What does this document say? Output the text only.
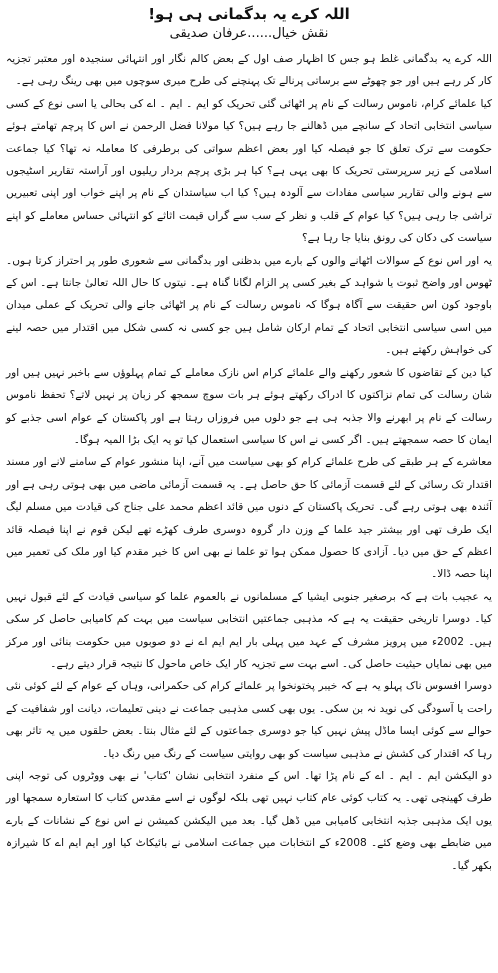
اللہ کرے یہ بدگمانی ہی ہو!

نقش خیال......عرفان صدیقی

اللہ کرے یہ بدگمانی غلط ہو جس کا اظہار صف اول کے بعض کالم نگار اور انتہائی سنجیدہ اور معتبر تجزیہ کار کر رہے ہیں اور جو چھوٹے سے برساتی پرنالے تک پہنچنے کی طرح میری سوچوں میں بھی رینگ رہی ہے۔

کیا علمائے کرام، ناموس رسالت کے نام پر اٹھائی گئی تحریک کو ایم ۔ ایم ۔ اے کی بحالی یا اسی نوع کے کسی سیاسی انتخابی اتحاد کے سانچے میں ڈھالنے جا رہے ہیں؟ کیا مولانا فضل الرحمن نے اس کا پرچم تھامتے ہوئے حکومت سے ترک تعلق کا جو فیصلہ کیا اور بعض اعظم سواتی کی برطرفی کا معاملہ نہ تھا؟ کیا جماعت اسلامی کے زیر سرپرستی تحریک کا بھی یہی ہے؟ کیا ہر بڑی پرچم بردار ریلیوں اور آراستہ تقاریر اسٹیجوں سے ہونے والی تقاریر سیاسی مفادات سے آلودہ ہیں؟ کیا اب سیاستدان کے نام پر اپنے خواب اور اپنی تعبیریں تراشی جا رہی ہیں؟ کیا عوام کے قلب و نظر کے سب سے گراں قیمت اثاثے کو انتہائی حساس معاملے کو اپنے سیاست کی دکان کی رونق بنایا جا رہا ہے؟

یہ اور اس نوع کے سوالات اٹھانے والوں کے بارے میں بدظنی اور بدگمانی سے شعوری طور پر احتراز کرتا ہوں۔ ٹھوس اور واضح ثبوت یا شواہد کے بغیر کسی پر الزام لگانا گناہ ہے۔ نیتوں کا حال اللہ تعالیٰ جانتا ہے۔ اس کے باوجود کون اس حقیقت سے آگاہ ہوگا کہ ناموس رسالت کے نام پر اٹھائی جانے والی تحریک کے عملی میدان میں اسی سیاسی انتخابی اتحاد کے تمام ارکان شامل ہیں جو کسی نہ کسی شکل میں اقتدار میں حصہ لینے کی خواہش رکھتے ہیں۔

کیا دین کے تقاضوں کا شعور رکھنے والے علمائے کرام اس نازک معاملے کے تمام پہلوؤں سے باخبر نہیں ہیں اور شان رسالت کی تمام نزاکتوں کا ادراک رکھتے ہوئے ہر بات سوچ سمجھ کر زبان پر نہیں لاتے؟ تحفظ ناموس رسالت کے نام پر ابھرنے والا جذبہ ہی ہے جو دلوں میں فروزاں رہتا ہے اور پاکستان کے عوام اسی جذبے کو ایمان کا حصہ سمجھتے ہیں۔ اگر کسی نے اس کا سیاسی استعمال کیا تو یہ ایک بڑا المیہ ہوگا۔

معاشرے کے ہر طبقے کی طرح علمائے کرام کو بھی سیاست میں آنے، اپنا منشور عوام کے سامنے لانے اور مسند اقتدار تک رسائی کے لئے قسمت آزمائی کا حق حاصل ہے۔ یہ قسمت آزمائی ماضی میں بھی ہوتی رہی ہے اور آئندہ بھی ہوتی رہے گی۔ تحریک پاکستان کے دنوں میں قائد اعظم محمد علی جناح کی قیادت میں مسلم لیگ ایک طرف تھی اور بیشتر جید علما کے وزن دار گروہ دوسری طرف کھڑے تھے لیکن قوم نے اپنا فیصلہ قائد اعظم کے حق میں دیا۔ آزادی کا حصول ممکن ہوا تو علما نے بھی اس کا خیر مقدم کیا اور ملک کی تعمیر میں اپنا حصہ ڈالا۔

یہ عجیب بات ہے کہ برصغیر جنوبی ایشیا کے مسلمانوں نے بالعموم علما کو سیاسی قیادت کے لئے قبول نہیں کیا۔ دوسرا تاریخی حقیقت یہ ہے کہ مذہبی جماعتیں انتخابی سیاست میں بہت کم کامیابی حاصل کر سکی ہیں۔ 2002ء میں پرویز مشرف کے عہد میں پہلی بار ایم ایم اے نے دو صوبوں میں حکومت بنائی اور مرکز میں بھی نمایاں حیثیت حاصل کی۔ اسے بہت سے تجزیہ کار ایک خاص ماحول کا نتیجہ قرار دیتے رہے۔

دوسرا افسوس ناک پہلو یہ ہے کہ خیبر پختونخوا پر علمائے کرام کی حکمرانی، وہاں کے عوام کے لئے کوئی نئی راحت یا آسودگی کی نوید نہ بن سکی۔ یوں بھی کسی مذہبی جماعت نے دینی تعلیمات، دیانت اور شفافیت کے حوالے سے کوئی ایسا ماڈل پیش نہیں کیا جو دوسری جماعتوں کے لئے مثال بنتا۔ بعض حلقوں میں یہ تاثر بھی رہا کہ اقتدار کی کشش نے مذہبی سیاست کو بھی روایتی سیاست کے رنگ میں رنگ دیا۔

دو الیکشن ایم ۔ ایم ۔ اے کے نام پڑا تھا۔ اس کے منفرد انتخابی نشان 'کتاب' نے بھی ووٹروں کی توجہ اپنی طرف کھینچی تھی۔ یہ کتاب کوئی عام کتاب نہیں تھی بلکہ لوگوں نے اسے مقدس کتاب کا استعارہ سمجھا اور یوں ایک مذہبی جذبہ انتخابی کامیابی میں ڈھل گیا۔ بعد میں الیکشن کمیشن نے اس نوع کے نشانات کے بارے میں ضابطے بھی وضع کئے۔ 2008ء کے انتخابات میں جماعت اسلامی نے بائیکاٹ کیا اور ایم ایم اے کا شیرازہ بکھر گیا۔
